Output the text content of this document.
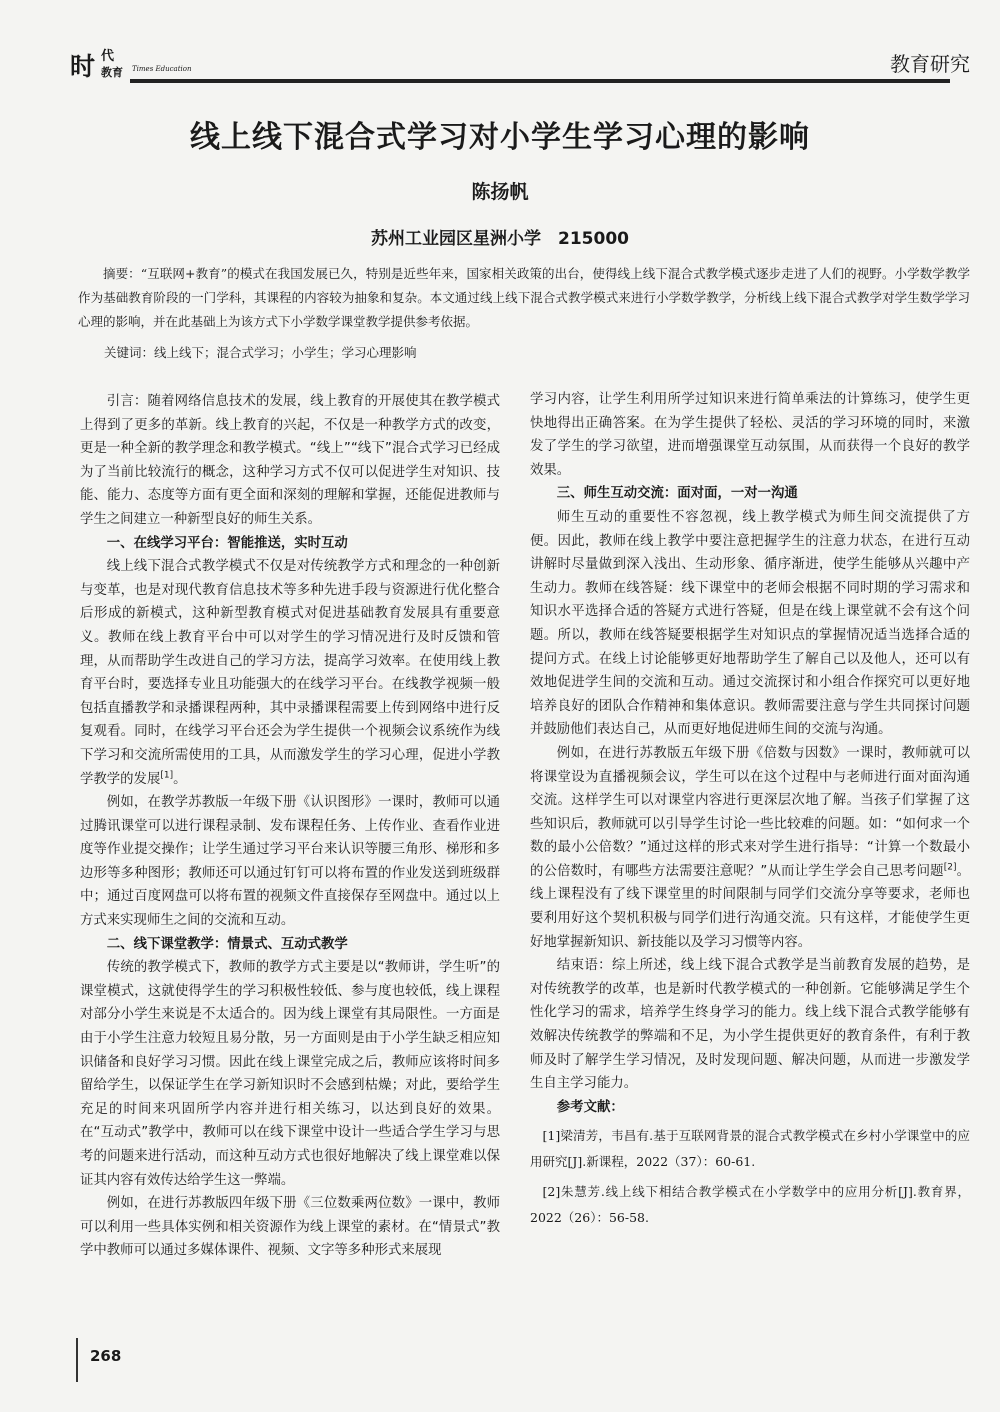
时 代
教育 Times Education	教育研究
线上线下混合式学习对小学生学习心理的影响
陈扬帆
苏州工业园区星洲小学　215000

摘要：“互联网+教育”的模式在我国发展已久，特别是近些年来，国家相关政策的出台，使得线上线下混合式教学模式逐步走进了人们的视野。小学数学教学作为基础教育阶段的一门学科，其课程的内容较为抽象和复杂。本文通过线上线下混合式教学模式来进行小学数学教学，分析线上线下混合式教学对学生数学学习心理的影响，并在此基础上为该方式下小学数学课堂教学提供参考依据。

关键词：线上线下；混合式学习；小学生；学习心理影响

引言：随着网络信息技术的发展，线上教育的开展使其在教学模式上得到了更多的革新。线上教育的兴起，不仅是一种教学方式的改变，更是一种全新的教学理念和教学模式。“线上”“线下”混合式学习已经成为了当前比较流行的概念，这种学习方式不仅可以促进学生对知识、技能、能力、态度等方面有更全面和深刻的理解和掌握，还能促进教师与学生之间建立一种新型良好的师生关系。

一、在线学习平台：智能推送，实时互动

线上线下混合式教学模式不仅是对传统教学方式和理念的一种创新与变革，也是对现代教育信息技术等多种先进手段与资源进行优化整合后形成的新模式，这种新型教育模式对促进基础教育发展具有重要意义。教师在线上教育平台中可以对学生的学习情况进行及时反馈和管理，从而帮助学生改进自己的学习方法，提高学习效率。在使用线上教育平台时，要选择专业且功能强大的在线学习平台。在线教学视频一般包括直播教学和录播课程两种，其中录播课程需要上传到网络中进行反复观看。同时，在线学习平台还会为学生提供一个视频会议系统作为线下学习和交流所需使用的工具，从而激发学生的学习心理，促进小学教学教学的发展[1]。

例如，在教学苏教版一年级下册《认识图形》一课时，教师可以通过腾讯课堂可以进行课程录制、发布课程任务、上传作业、查看作业进度等作业提交操作；让学生通过学习平台来认识等腰三角形、梯形和多边形等多种图形；教师还可以通过钉钉可以将布置的作业发送到班级群中；通过百度网盘可以将布置的视频文件直接保存至网盘中。通过以上方式来实现师生之间的交流和互动。

二、线下课堂教学：情景式、互动式教学

传统的教学模式下，教师的教学方式主要是以“教师讲，学生听”的课堂模式，这就使得学生的学习积极性较低、参与度也较低，线上课程对部分小学生来说是不太适合的。因为线上课堂有其局限性。一方面是由于小学生注意力较短且易分散，另一方面则是由于小学生缺乏相应知识储备和良好学习习惯。因此在线上课堂完成之后，教师应该将时间多留给学生，以保证学生在学习新知识时不会感到枯燥；对此，要给学生充足的时间来巩固所学内容并进行相关练习，以达到良好的效果。在“互动式”教学中，教师可以在线下课堂中设计一些适合学生学习与思考的问题来进行活动，而这种互动方式也很好地解决了线上课堂难以保证其内容有效传达给学生这一弊端。

例如，在进行苏教版四年级下册《三位数乘两位数》一课中，教师可以利用一些具体实例和相关资源作为线上课堂的素材。在“情景式”教学中教师可以通过多媒体课件、视频、文字等多种形式来展现

学习内容，让学生利用所学过知识来进行简单乘法的计算练习，使学生更快地得出正确答案。在为学生提供了轻松、灵活的学习环境的同时，来激发了学生的学习欲望，进而增强课堂互动氛围，从而获得一个良好的教学效果。

三、师生互动交流：面对面，一对一沟通

师生互动的重要性不容忽视，线上教学模式为师生间交流提供了方便。因此，教师在线上教学中要注意把握学生的注意力状态，在进行互动讲解时尽量做到深入浅出、生动形象、循序渐进，使学生能够从兴趣中产生动力。教师在线答疑：线下课堂中的老师会根据不同时期的学习需求和知识水平选择合适的答疑方式进行答疑，但是在线上课堂就不会有这个问题。所以，教师在线答疑要根据学生对知识点的掌握情况适当选择合适的提问方式。在线上讨论能够更好地帮助学生了解自己以及他人，还可以有效地促进学生间的交流和互动。通过交流探讨和小组合作探究可以更好地培养良好的团队合作精神和集体意识。教师需要注意与学生共同探讨问题并鼓励他们表达自己，从而更好地促进师生间的交流与沟通。

例如，在进行苏教版五年级下册《倍数与因数》一课时，教师就可以将课堂设为直播视频会议，学生可以在这个过程中与老师进行面对面沟通交流。这样学生可以对课堂内容进行更深层次地了解。当孩子们掌握了这些知识后，教师就可以引导学生讨论一些比较难的问题。如：“如何求一个数的最小公倍数？”通过这样的形式来对学生进行指导：“计算一个数最小的公倍数时，有哪些方法需要注意呢？”从而让学生学会自己思考问题[2]。线上课程没有了线下课堂里的时间限制与同学们交流分享等要求，老师也要利用好这个契机积极与同学们进行沟通交流。只有这样，才能使学生更好地掌握新知识、新技能以及学习习惯等内容。

结束语：综上所述，线上线下混合式教学是当前教育发展的趋势，是对传统教学的改革，也是新时代教学模式的一种创新。它能够满足学生个性化学习的需求，培养学生终身学习的能力。线上线下混合式教学能够有效解决传统教学的弊端和不足，为小学生提供更好的教育条件，有利于教师及时了解学生学习情况，及时发现问题、解决问题，从而进一步激发学生自主学习能力。

参考文献：

[1]梁清芳，韦昌有.基于互联网背景的混合式教学模式在乡村小学课堂中的应用研究[J].新课程，2022（37）：60-61.

[2]朱慧芳.线上线下相结合教学模式在小学数学中的应用分析[J].教育界，2022（26）：56-58.

268
